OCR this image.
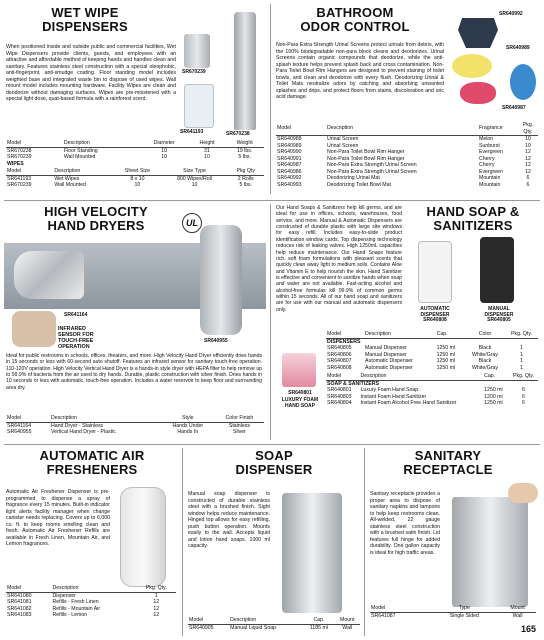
WET WIPE
DISPENSERS
When positioned inside and outside public and commercial facilities, Wet Wipe Dispensers provide clients, guests, and employees with an attractive and affordable method of keeping hands and handles clean and sanitary. Features stainless steel construction with a special oleophobic, anti-fingerprint, anti-smudge coating. Floor standing model includes weighted base and integrated waste bin to dispose of used wipes. Wall mount model includes mounting hardware. Facility Wipes are clean and deodorize without damaging surfaces. Wipes are pre-moistened with a special light dose, quat-based formula with a rainforest scent.
SR670239
SR641193	SR670238
Model	Description	Diameter	Height	Weight
SR670238	Floor Standing	10	31	19 lbs.
SR670239	Wall Mounted	10	10	5 lbs.
WIPES				
Model	Description	Sheet Size	Size Type	Pkg Qty
SR641193	Wet Wipes	8 x 10	800 Wipes/Roll	2 Rolls
SR670239	Wall Mounted	10	10	5 lbs.
BATHROOM
ODOR CONTROL
Non-Para Extra Strength Urinal Screens protect urinals from debris, with the 100% biodegradable non-para block cleans and deodorizes. Urinal Screens contain organic compounds that deodorize, while the anti-splash texture helps prevent splash back and cross contamination. Non-Para Toilet Bowl Rim Hangers are designed to prevent staining of toilet bowls, and clean and deodorize with every flush. Deodorizing Urinal & Toilet Mats neutralize odors by catching and absorbing unwanted splashes and drips, and protect floors from stains, discoloration and uric acid damage.
SR640992
SR640989
SR640987
Model	Description	Fragrance	Pkg. Qty.
SR640988	Urinal Screen	Melon	10
SR640989	Urinal Screen	Sunburst	10
SR640990	Non-Para Toilet Bowl Rim Hanger	Evergreen	12
SR640991	Non-Para Toilet Bowl Rim Hanger	Cherry	12
SR640987	Non-Para Extra Strength Urinal Screen	Cherry	12
SR640986	Non-Para Extra Strength Urinal Screen	Evergreen	12
SR640992	Deodorizing Urinal Mat	Mountain	6
SR640993	Deodorizing Toilet Bowl Mat	Mountain	6
HIGH VELOCITY
HAND DRYERS	UL
SR641164
INFRARED SENSOR FOR TOUCH-FREE OPERATION
SR640955
Ideal for public restrooms in schools, offices, theaters, and more. High Velocity Hand Dryer efficiently dries hands in 15 seconds or less with 60-second auto shutoff. Features an infrared sensor for sanitary touch-free operation. 110-120V operation. High Velocity Vertical Hand Dryer is a hands-in style dryer with HEPA filter to help remove up to 99.9% of bacteria from the air used to dry hands. Durable, plastic construction with silver finish. Dries hands in 10 seconds or less with automatic, touch-free operation. Includes a water reservoir to keep floor and surrounding area dry.
Model	Description	Style	Color Finish
SR641164	Hand Dryer - Stainless	Hands Under	Stainless
SR640955	Vertical Hand Dryer - Plastic	Hands In	Silver
Our Hand Soaps & Sanitizers help kill germs, and are ideal for use in offices, schools, warehouses, food service, and more. Manual & Automatic Dispensers are constructed of durable plastic with large site windows for easy refill. Includes easy-to-slide product identification window cards. Top dispensing technology reduces risk of leaking valves. High 1250mL capacities help reduce maintenance. Our Hand Soaps feature rich, soft foam formulations with pleasant scents that quickly clean away light to medium soils. Contains Aloe and Vitamin E to help nourish the skin. Hand Sanitizer is effective and convenient to sanitize hands when soap and water are not available. Fast-acting alcohol and alcohol-free formulas kill 99.9% of common germs within 15 seconds. All of our hand soap and sanitizers are for use with our manual and automatic dispensers only.
HAND SOAP &
SANITIZERS
AUTOMATIC DISPENSER SR640808
MANUAL DISPENSER SR640805
Model	Description	Cap.	Color	Pkg. Qty.
DISPENSERS				
SR640805	Manual Dispenser	1250 ml	Black	1
SR640806	Manual Dispenser	1250 ml	White/Gray	1
SR640807	Automatic Dispenser	1250 ml	Black	1
SR640808	Automatic Dispenser	1250 ml	White/Gray	1
Model	Description	Cap.	Pkg. Qty.
SOAP & SANITIZERS			
SR640801	Luxury Foam Hand Soap	1250 ml	6
SR640803	Instant Foam Hand Sanitizer	1200 ml	6
SR640804	Instant Foam Alcohol Free Hand Sanitizer	1250 ml	6
SR640801
LUXURY FOAM HAND SOAP
AUTOMATIC AIR
FRESHENERS
Automatic Air Freshener Dispenser is pre-programmed to dispense a spray of fragrance every 15 minutes. Built-in indicator light alerts facility manager when change canister needs replacing. Covers up to 6,000 cu. ft. to keep rooms smelling clean and fresh. Automatic Air Freshener Refills are available in Fresh Linen, Mountain Air, and Lemon fragrances.
Model	Description	Pkg. Qty.
SR641080	Dispenser	1
SR641081	Refills - Fresh Linen	12
SR641082	Refills - Mountain Air	12
SR641083	Refills - Lemon	12
SOAP
DISPENSER
Manual soap dispenser is constructed of durable stainless steel with a brushed finish. Sight window helps reduce maintenance. Hinged top allows for easy refilling, push button operation. Mounts easily to the wall. Accepts liquid and lotion hand soaps. 1000 ml capacity.
Model	Description	Cap.	Mount
SR640905	Manual Liquid Soap	1185 ml	Wall
SANITARY
RECEPTACLE
Sanitary receptacle provides a proper area to dispose of sanitary napkins and tampons to help keep restrooms clean. All-welded, 22 gauge stainless steel construction with a brushed satin finish. Lid features full hinge for added durability. One gallon capacity is ideal for high traffic areas.
Model	Type	Mount
SR641087	Single Sided	Wall
165
